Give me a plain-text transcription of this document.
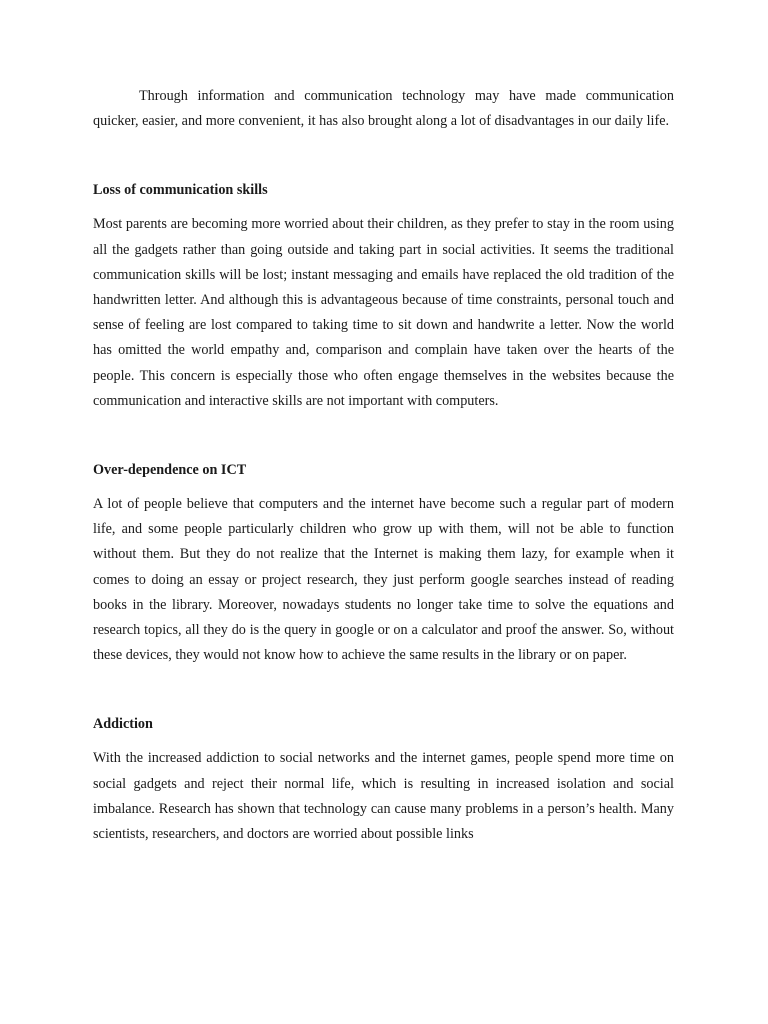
Through information and communication technology may have made communication quicker, easier, and more convenient, it has also brought along a lot of disadvantages in our daily life.

Loss of communication skills

Most parents are becoming more worried about their children, as they prefer to stay in the room using all the gadgets rather than going outside and taking part in social activities. It seems the traditional communication skills will be lost; instant messaging and emails have replaced the old tradition of the handwritten letter. And although this is advantageous because of time constraints, personal touch and sense of feeling are lost compared to taking time to sit down and handwrite a letter. Now the world has omitted the world empathy and, comparison and complain have taken over the hearts of the people. This concern is especially those who often engage themselves in the websites because the communication and interactive skills are not important with computers.

Over-dependence on ICT

A lot of people believe that computers and the internet have become such a regular part of modern life, and some people particularly children who grow up with them, will not be able to function without them. But they do not realize that the Internet is making them lazy, for example when it comes to doing an essay or project research, they just perform google searches instead of reading books in the library. Moreover, nowadays students no longer take time to solve the equations and research topics, all they do is the query in google or on a calculator and proof the answer. So, without these devices, they would not know how to achieve the same results in the library or on paper.

Addiction

With the increased addiction to social networks and the internet games, people spend more time on social gadgets and reject their normal life, which is resulting in increased isolation and social imbalance. Research has shown that technology can cause many problems in a person’s health. Many scientists, researchers, and doctors are worried about possible links
